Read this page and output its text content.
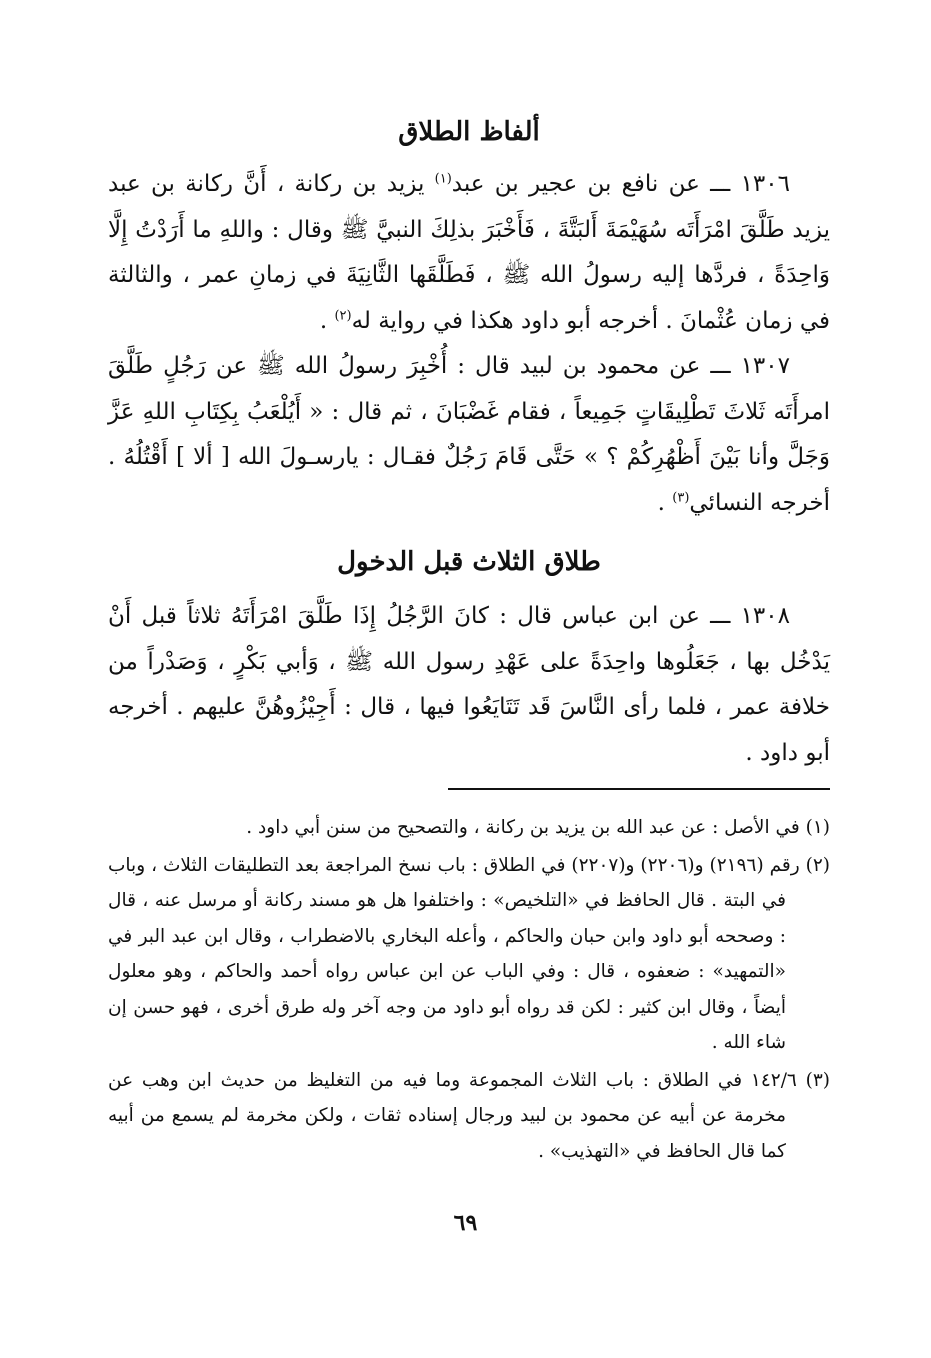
ألفاظ الطلاق

١٣٠٦ ـــ عن نافع بن عجير بن عبد$^{(١)}$ يزيد بن ركانة ، أَنَّ ركانة بن عبد يزيد طَلَّقَ امْرَأَتَه سُهَيْمَةَ أَلبَتَّةَ ، فَأَخْبَرَ بذلِكَ النبيَّ ﷺ وقال : واللهِ ما أَرَدْتُ إِلَّا وَاحِدَةً ، فردَّها إليه رسولُ الله ﷺ ، فَطَلَّقَها الثَّانِيَةَ في زمانِ عمر ، والثالثة في زمان عُثْمانَ . أخرجه أبو داود هكذا في رواية له$^{(٢)}$ .

١٣٠٧ ـــ عن محمود بن لبيد قال : أُخْبِرَ رسولُ الله ﷺ عن رَجُلٍ طَلَّقَ امرأَتَه ثَلاثَ تَطْلِيقَاتٍ جَمِيعاً ، فقام غَضْبَانَ ، ثم قال : « أَيُلْعَبُ بِكِتَابِ اللهِ عَزَّ وَجَلَّ وأنا بَيْنَ أَظْهُرِكُمْ ؟ » حَتَّى قَامَ رَجُلٌ فقـال : يارسـولَ الله [ ألا ] أَقْتُلُهُ . أخرجه النسائي$^{(٣)}$ .

طلاق الثلاث قبل الدخول

١٣٠٨ ـــ عن ابن عباس قال : كانَ الرَّجُلُ إِذَا طَلَّقَ امْرَأَتَهُ ثلاثاً قبل أَنْ يَدْخُل بها ، جَعَلُوها واحِدَةً على عَهْدِ رسول الله ﷺ ، وَأبي بَكْرٍ ، وَصَدْراً من خلافة عمر ، فلما رأى النَّاسَ قَد تَتَايَعُوا فيها ، قال : أَجِيْزُوهُنَّ عليهم . أخرجه أبو داود .

(١) في الأصل : عن عبد الله بن يزيد بن ركانة ، والتصحيح من سنن أبي داود .

(٢) رقم (٢١٩٦) و(٢٢٠٦) و(٢٢٠٧) في الطلاق : باب نسخ المراجعة بعد التطليقات الثلاث ، وباب في البتة . قال الحافظ في «التلخيص» : واختلفوا هل هو مسند ركانة أو مرسل عنه ، قال : وصححه أبو داود وابن حبان والحاكم ، وأعله البخاري بالاضطراب ، وقال ابن عبد البر في «التمهيد» : ضعفوه ، قال : وفي الباب عن ابن عباس رواه أحمد والحاكم ، وهو معلول أيضاً ، وقال ابن كثير : لكن قد رواه أبو داود من وجه آخر وله طرق أخرى ، فهو حسن إن شاء الله .

(٣) ١٤٢/٦ في الطلاق : باب الثلاث المجموعة وما فيه من التغليظ من حديث ابن وهب عن مخرمة عن أبيه عن محمود بن لبيد ورجال إسناده ثقات ، ولكن مخرمة لم يسمع من أبيه كما قال الحافظ في «التهذيب» .

٦٩
